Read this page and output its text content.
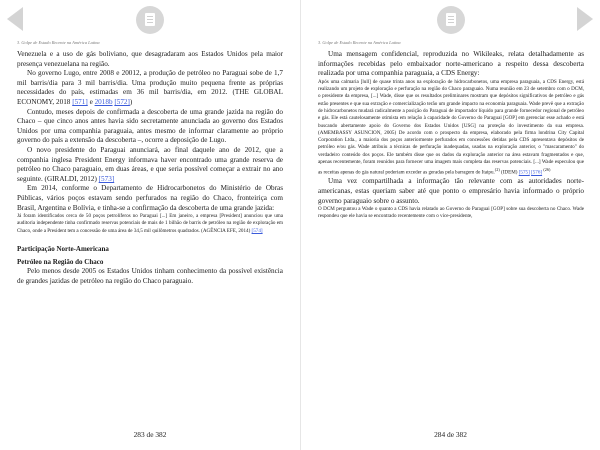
3. Golpe de Estado Recente na América Latina

Venezuela e a uso de gás boliviano, que desagradaram aos Estados Unidos pela maior presença venezuelana na região.

No governo Lugo, entre 2008 e 20012, a produção de petróleo no Paraguai sobe de 1,7 mil barris/dia para 3 mil barris/dia. Uma produção muito pequena frente as próprias necessidades do país, estimadas em 36 mil barris/dia, em 2012. (THE GLOBAL ECONOMY, 2018 [571] e 2018b [572])

Contudo, meses depois de confirmada a descoberta de uma grande jazida na região do Chaco – que cinco anos antes havia sido secretamente anunciada ao governo dos Estados Unidos por uma companhia paraguaia, antes mesmo de informar claramente ao próprio governo do país a extensão da descoberta –, ocorre a deposição de Lugo.

O novo presidente do Paraguai anunciará, ao final daquele ano de 2012, que a companhia inglesa President Energy informava haver encontrado uma grande reserva de petróleo no Chaco paraguaio, em duas áreas, e que seria possível começar a extrair no ano seguinte. (GIRALDI, 2012) [573]

Em 2014, conforme o Departamento de Hidrocarbonetos do Ministério de Obras Públicas, vários poços estavam sendo perfurados na região do Chaco, fronteiriça com Brasil, Argentina e Bolívia, e tinha-se a confirmação da descoberta de uma grande jazida:

Já foram identificados cerca de 50 poços petrolíferos no Paraguai [...] Em janeiro, a empresa [President] anunciou que uma auditoria independente tinha confirmado reservas potenciais de mais de 1 bilhão de barris de petróleo na região de exploração em Chaco, onde a President tem a concessão de uma área de 34,5 mil quilômetros quadrados. (AGÊNCIA EFE, 2014) [574]

Participação Norte-Americana

Petróleo na Região do Chaco

Pelo menos desde 2005 os Estados Unidos tinham conhecimento da possível existência de grandes jazidas de petróleo na região do Chaco paraguaio.

283 de 382
3. Golpe de Estado Recente na América Latina

Uma mensagem confidencial, reproduzida no Wikileaks, relata detalhadamente as informações recebidas pelo embaixador norte-americano a respeito dessa descoberta realizada por uma companhia paraguaia, a CDS Energy:

Após uma calmaria [lull] de quase trinta anos na exploração de hidrocarbonetos, uma empresa paraguaia, a CDS Energy, está realizando um projeto de exploração e perfuração na região do Chaco paraguaio. Numa reunião em 23 de setembro com o DCM, o presidente da empresa, [...] Wade, disse que os resultados preliminares mostram que depósitos significativos de petróleo e gás estão presentes e que sua extração e comercialização terão um grande impacto na economia paraguaia. Wade prevê que a extração de hidrocarbonetos mudará radicalmente a posição do Paraguai de importador líquido para grande fornecedor regional de petróleo e gás. Ele está cautelosamente otimista em relação à capacidade do Governo do Paraguai [GOP] em gerenciar esse achado e está buscando abertamente apoio do Governo dos Estados Unidos [USG] na proteção do investimento da sua empresa. (AMEMBASSY ASUNCION, 2005) De acordo com o prospecto da empresa, elaborado pela firma londrina City Capital Corporation Ltda., a maioria dos poços anteriormente perfurados em concessões detidas pela CDS apresentava depósitos de petróleo e/ou gás. Wade atribuiu a técnicas de perfuração inadequadas, usadas na exploração anterior, o "mascaramento" do verdadeiro conteúdo dos poços. Ele também disse que os dados da exploração anterior na área estavam fragmentados e que, apenas recentemente, foram reunidos para fornecer uma imagem mais completa das reservas potenciais. [...] Wade especulou que as receitas apenas do gás natural poderiam exceder as geradas pela barragem de Itaipu.$^{(2)}$ (IDEM) [575] [576] $^{(26)}$

Uma vez compartilhada a informação tão relevante com as autoridades norte-americanas, estas queriam saber até que ponto o empresário havia informado o próprio governo paraguaio sobre o assunto.

O DCM perguntou a Wade o quanto a CDS havia relatado ao Governo do Paraguai [GOP] sobre sua descoberta no Chaco. Wade respondeu que ele havia se encontrado recentemente com o vice-presidente,

284 de 382
